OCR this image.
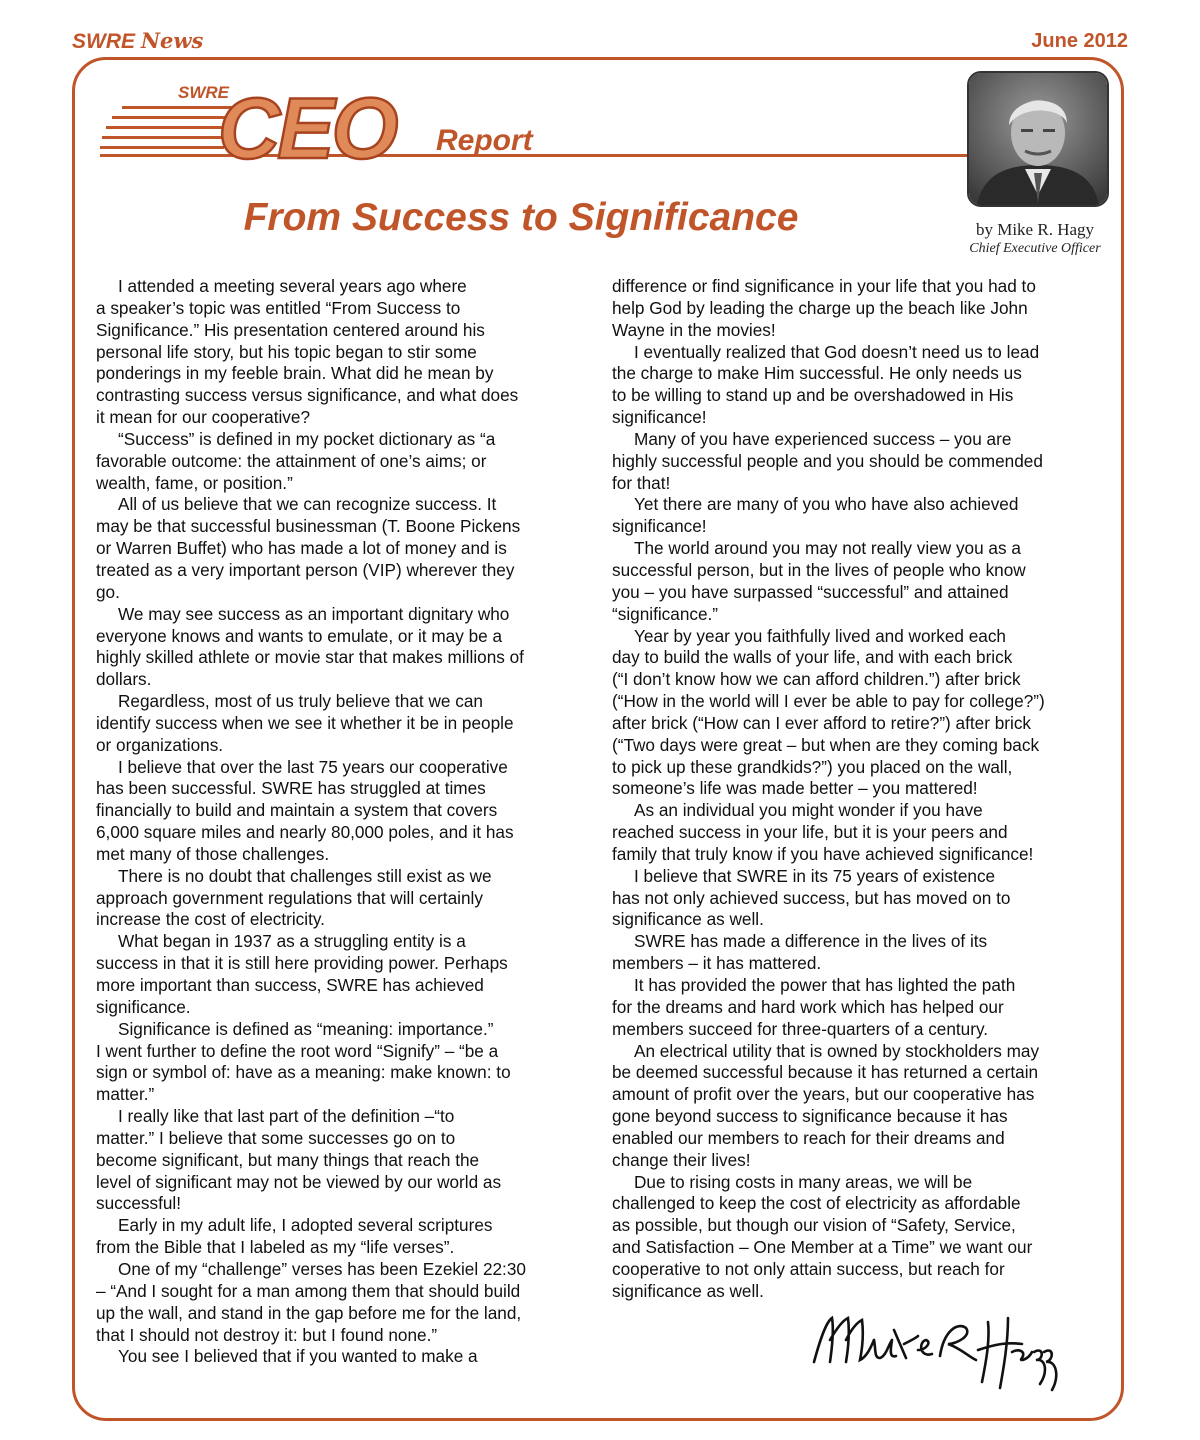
SWRE News	June 2012
SWRE
CEO Report
From Success to Significance	by Mike R. Hagy
Chief Executive Officer
I attended a meeting several years ago where
a speaker’s topic was entitled “From Success to
Significance.” His presentation centered around his
personal life story, but his topic began to stir some
ponderings in my feeble brain. What did he mean by
contrasting success versus significance, and what does
it mean for our cooperative?
“Success” is defined in my pocket dictionary as “a
favorable outcome: the attainment of one’s aims; or
wealth, fame, or position.”
All of us believe that we can recognize success. It
may be that successful businessman (T. Boone Pickens
or Warren Buffet) who has made a lot of money and is
treated as a very important person (VIP) wherever they
go.
We may see success as an important dignitary who
everyone knows and wants to emulate, or it may be a
highly skilled athlete or movie star that makes millions of
dollars.
Regardless, most of us truly believe that we can
identify success when we see it whether it be in people
or organizations.
I believe that over the last 75 years our cooperative
has been successful. SWRE has struggled at times
financially to build and maintain a system that covers
6,000 square miles and nearly 80,000 poles, and it has
met many of those challenges.
There is no doubt that challenges still exist as we
approach government regulations that will certainly
increase the cost of electricity.
What began in 1937 as a struggling entity is a
success in that it is still here providing power. Perhaps
more important than success, SWRE has achieved
significance.
Significance is defined as “meaning: importance.”
I went further to define the root word “Signify” – “be a
sign or symbol of: have as a meaning: make known: to
matter.”
I really like that last part of the definition –“to
matter.” I believe that some successes go on to
become significant, but many things that reach the
level of significant may not be viewed by our world as
successful!
Early in my adult life, I adopted several scriptures
from the Bible that I labeled as my “life verses”.
One of my “challenge” verses has been Ezekiel 22:30
– “And I sought for a man among them that should build
up the wall, and stand in the gap before me for the land,
that I should not destroy it: but I found none.”
You see I believed that if you wanted to make a
difference or find significance in your life that you had to
help God by leading the charge up the beach like John
Wayne in the movies!
I eventually realized that God doesn’t need us to lead
the charge to make Him successful. He only needs us
to be willing to stand up and be overshadowed in His
significance!
Many of you have experienced success – you are
highly successful people and you should be commended
for that!
Yet there are many of you who have also achieved
significance!
The world around you may not really view you as a
successful person, but in the lives of people who know
you – you have surpassed “successful” and attained
“significance.”
Year by year you faithfully lived and worked each
day to build the walls of your life, and with each brick
(“I don’t know how we can afford children.”) after brick
(“How in the world will I ever be able to pay for college?”)
after brick (“How can I ever afford to retire?”) after brick
(“Two days were great – but when are they coming back
to pick up these grandkids?”) you placed on the wall,
someone’s life was made better – you mattered!
As an individual you might wonder if you have
reached success in your life, but it is your peers and
family that truly know if you have achieved significance!
I believe that SWRE in its 75 years of existence
has not only achieved success, but has moved on to
significance as well.
SWRE has made a difference in the lives of its
members – it has mattered.
It has provided the power that has lighted the path
for the dreams and hard work which has helped our
members succeed for three-quarters of a century.
An electrical utility that is owned by stockholders may
be deemed successful because it has returned a certain
amount of profit over the years, but our cooperative has
gone beyond success to significance because it has
enabled our members to reach for their dreams and
change their lives!
Due to rising costs in many areas, we will be
challenged to keep the cost of electricity as affordable
as possible, but though our vision of “Safety, Service,
and Satisfaction – One Member at a Time” we want our
cooperative to not only attain success, but reach for
significance as well.
